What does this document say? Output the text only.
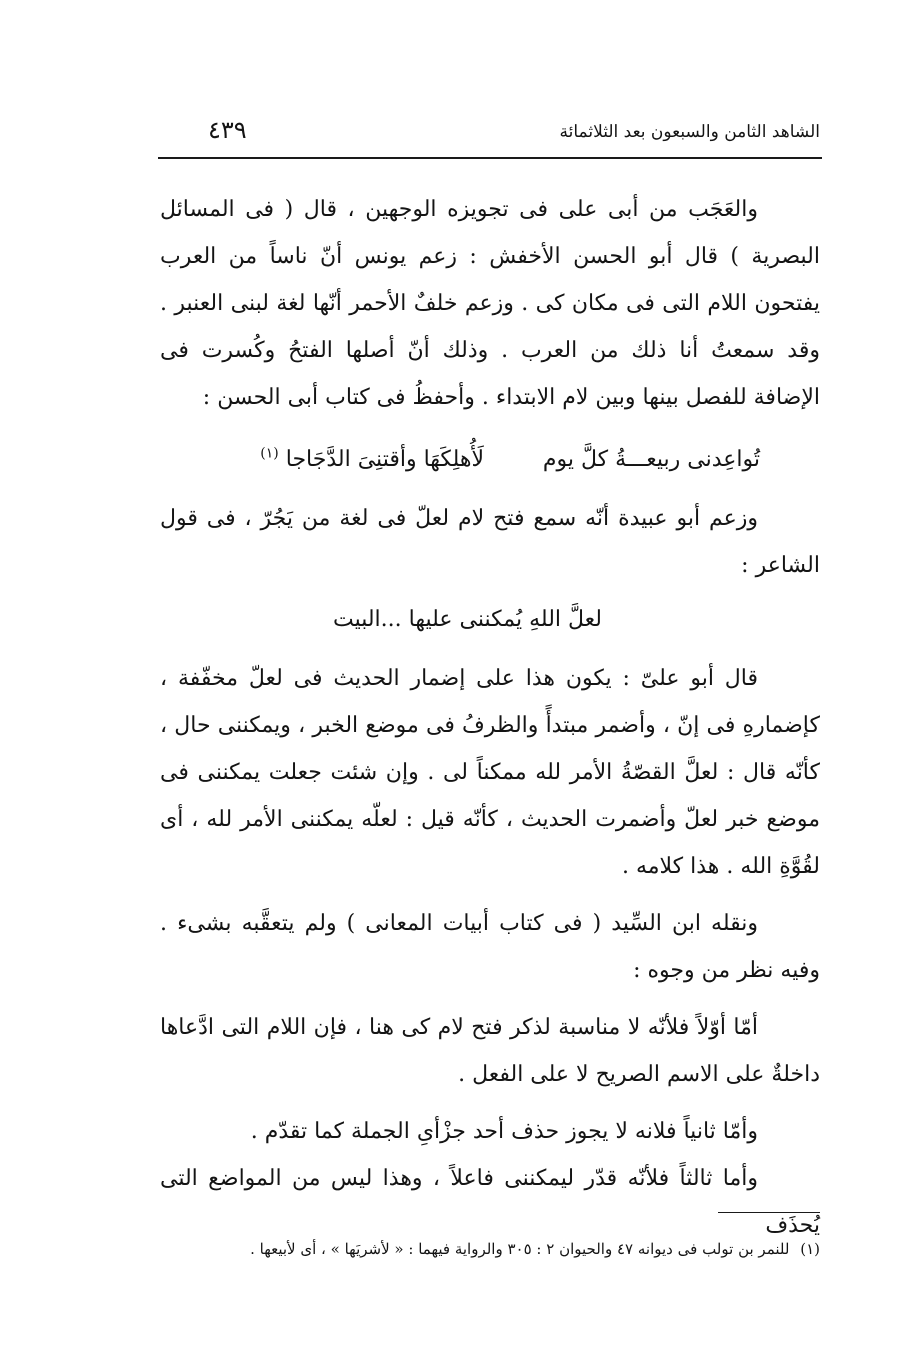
الشاهد الثامن والسبعون بعد الثلاثمائة
٤٣٩

والعَجَب من أبى على فى تجويزه الوجهين ، قال ( فى المسائل البصرية ) قال أبو الحسن الأخفش : زعم يونس أنّ ناساً من العرب يفتحون اللام التى فى مكان كى . وزعم خلفٌ الأحمر أنّها لغة لبنى العنبر . وقد سمعتُ أنا ذلك من العرب . وذلك أنّ أصلها الفتحُ وكُسرت فى الإضافة للفصل بينها وبين لام الابتداء . وأحفظُ فى كتاب أبى الحسن :

تُواعِدنى ربيعـــةُ كلَّ يوم
لَأُهلِكَهَا وأقتنِىَ الدَّجَاجا $^{(١)}$

وزعم أبو عبيدة أنّه سمع فتح لام لعلّ فى لغة من يَجُرّ ، فى قول الشاعر :

لعلَّ اللهِ يُمكننى عليها ...البيت

قال أبو علىّ : يكون هذا على إضمار الحديث فى لعلّ مخفّفة ، كإضمارهِ فى إنّ ، وأضمر مبتدأً والظرفُ فى موضع الخبر ، ويمكننى حال ، كأنّه قال : لعلَّ القصّةُ الأمر لله ممكناً لى . وإن شئت جعلت يمكننى فى موضع خبر لعلّ وأضمرت الحديث ، كأنّه قيل : لعلّه يمكننى الأمر لله ، أى لقُوَّةِ الله . هذا كلامه .

ونقله ابن السِّيد ( فى كتاب أبيات المعانى ) ولم يتعقَّبه بشىء . وفيه نظر من وجوه :

أمّا أوّلاً فلأنّه لا مناسبة لذكر فتح لام كى هنا ، فإن اللام التى ادَّعاها داخلةٌ على الاسم الصريح لا على الفعل .

وأمّا ثانياً فلانه لا يجوز حذف أحد جزْأىِ الجملة كما تقدّم .

وأما ثالثاً فلأنّه قدّر ليمكننى فاعلاً ، وهذا ليس من المواضع التى يُحذَف

(١) للنمر بن تولب فى ديوانه ٤٧ والحيوان ٢ : ٣٠٥ والرواية فيهما : « لأشريَها » ، أى لأبيعها .
